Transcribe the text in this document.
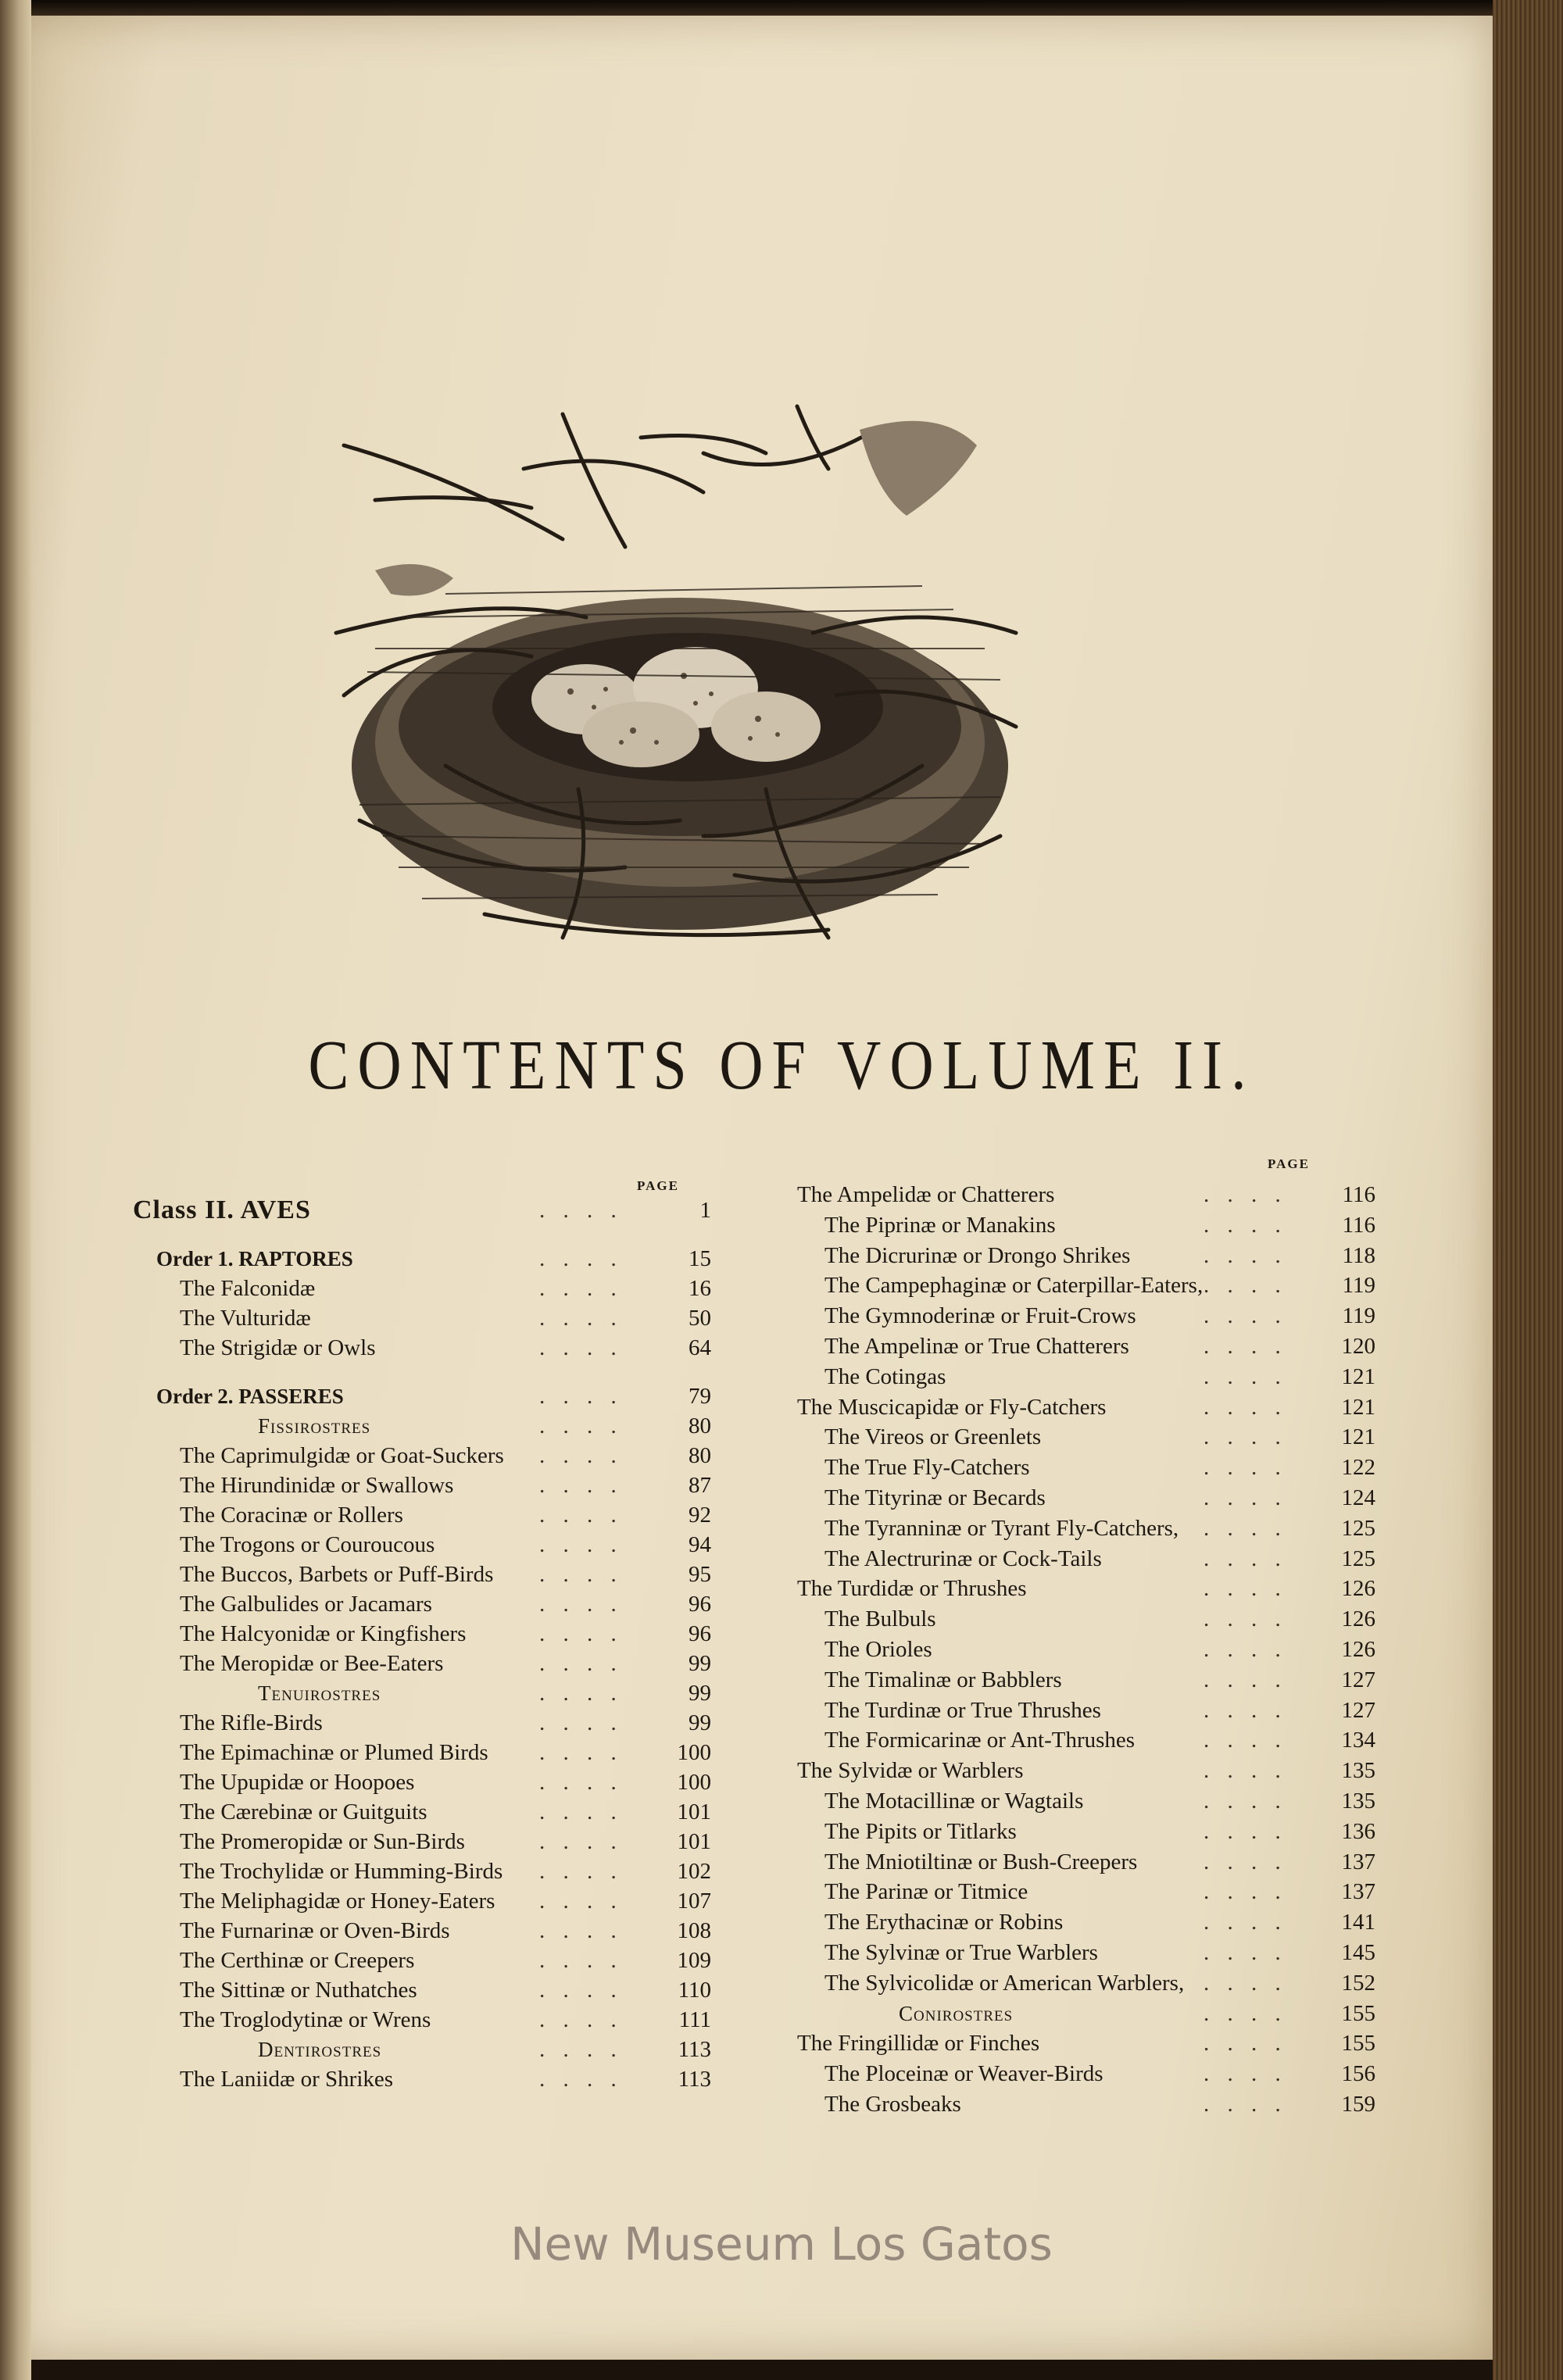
CONTENTS OF VOLUME II.
PAGE
PAGE
Class II. AVES	. . . .	1
Order 1. RAPTORES	. . . .	15
The Falconidæ	. . . .	16
The Vulturidæ	. . . .	50
The Strigidæ or Owls	. . . .	64
Order 2. PASSERES	. . . .	79
Fissirostres	. . . .	80
The Caprimulgidæ or Goat-Suckers . . . .	80
The Hirundinidæ or Swallows	. . . .	87
The Coracinæ or Rollers	. . . .	92
The Trogons or Couroucous	. . . .	94
The Buccos, Barbets or Puff-Birds . . . .	95
The Galbulides or Jacamars	. . . .	96
The Halcyonidæ or Kingfishers	. . . .	96
The Meropidæ or Bee-Eaters	. . . .	99
Tenuirostres	. . . .	99
The Rifle-Birds	. . . .	99
The Epimachinæ or Plumed Birds . . . .	100
The Upupidæ or Hoopoes	. . . .	100
The Cærebinæ or Guitguits	. . . .	101
The Promeropidæ or Sun-Birds	. . . .	101
The Trochylidæ or Humming-Birds . . . .	102
The Meliphagidæ or Honey-Eaters . . . .	107
The Furnarinæ or Oven-Birds	. . . .	108
The Certhinæ or Creepers	. . . .	109
The Sittinæ or Nuthatches	. . . .	110
The Troglodytinæ or Wrens	. . . .	111
Dentirostres	. . . .	113
The Laniidæ or Shrikes	. . . .	113
The Ampelidæ or Chatterers	. . . .	116
The Piprinæ or Manakins	. . . .	116
The Dicrurinæ or Drongo Shrikes	. . . .	118
The Campephaginæ or Caterpillar-Eaters, . . . .	119
The Gymnoderinæ or Fruit-Crows	. . . .	119
The Ampelinæ or True Chatterers	. . . .	120
The Cotingas	. . . .	121
The Muscicapidæ or Fly-Catchers	. . . .	121
The Vireos or Greenlets	. . . .	121
The True Fly-Catchers	. . . .	122
The Tityrinæ or Becards	. . . .	124
The Tyranninæ or Tyrant Fly-Catchers, . . . .	125
The Alectrurinæ or Cock-Tails	. . . .	125
The Turdidæ or Thrushes	. . . .	126
The Bulbuls	. . . .	126
The Orioles	. . . .	126
The Timalinæ or Babblers	. . . .	127
The Turdinæ or True Thrushes	. . . .	127
The Formicarinæ or Ant-Thrushes	. . . .	134
The Sylvidæ or Warblers	. . . .	135
The Motacillinæ or Wagtails	. . . .	135
The Pipits or Titlarks	. . . .	136
The Mniotiltinæ or Bush-Creepers	. . . .	137
The Parinæ or Titmice	. . . .	137
The Erythacinæ or Robins	. . . .	141
The Sylvinæ or True Warblers	. . . .	145
The Sylvicolidæ or American Warblers, . . . .	152
Conirostres	. . . .	155
The Fringillidæ or Finches	. . . .	155
The Ploceinæ or Weaver-Birds	. . . .	156
The Grosbeaks	. . . .	159
New Museum Los Gatos
